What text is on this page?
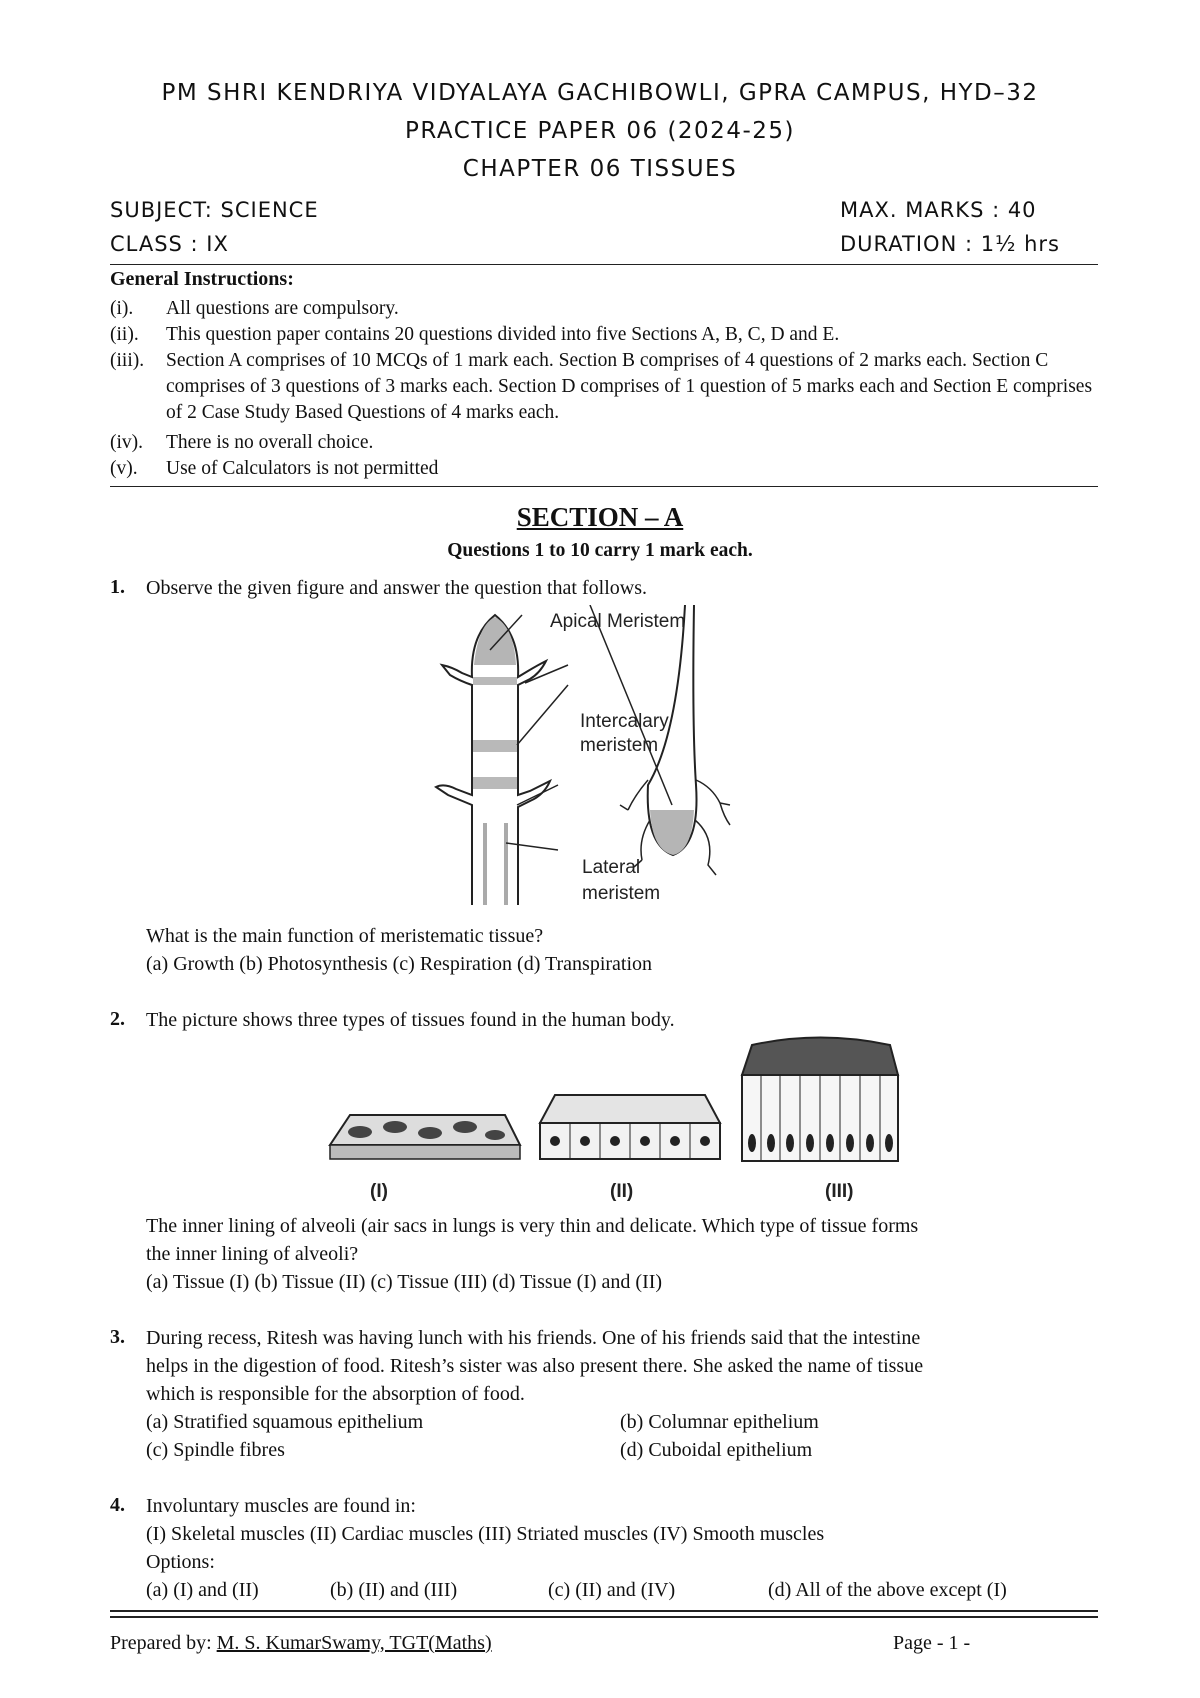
PM SHRI KENDRIYA VIDYALAYA GACHIBOWLI, GPRA CAMPUS, HYD–32
PRACTICE PAPER 06 (2024-25)
CHAPTER 06 TISSUES
SUBJECT: SCIENCE	MAX. MARKS : 40
CLASS : IX	DURATION : 1½ hrs
General Instructions:
(i). All questions are compulsory.
(ii). This question paper contains 20 questions divided into five Sections A, B, C, D and E.
(iii). Section A comprises of 10 MCQs of 1 mark each. Section B comprises of 4 questions of 2 marks each. Section C comprises of 3 questions of 3 marks each. Section D comprises of 1 question of 5 marks each and Section E comprises of 2 Case Study Based Questions of 4 marks each.
(iv). There is no overall choice.
(v). Use of Calculators is not permitted
SECTION – A
Questions 1 to 10 carry 1 mark each.
1. Observe the given figure and answer the question that follows.
Apical Meristem
Intercalary
meristem
Lateral
meristem
What is the main function of meristematic tissue?
(a) Growth (b) Photosynthesis (c) Respiration (d) Transpiration
2. The picture shows three types of tissues found in the human body.
(I)	(II)	(III)
The inner lining of alveoli (air sacs in lungs is very thin and delicate. Which type of tissue forms
the inner lining of alveoli?
(a) Tissue (I) (b) Tissue (II) (c) Tissue (III) (d) Tissue (I) and (II)
3. During recess, Ritesh was having lunch with his friends. One of his friends said that the intestine
helps in the digestion of food. Ritesh’s sister was also present there. She asked the name of tissue
which is responsible for the absorption of food.
(a) Stratified squamous epithelium	(b) Columnar epithelium
(c) Spindle fibres	(d) Cuboidal epithelium
4. Involuntary muscles are found in:
(I) Skeletal muscles (II) Cardiac muscles (III) Striated muscles (IV) Smooth muscles
Options:
(a) (I) and (II)	(b) (II) and (III)	(c) (II) and (IV)	(d) All of the above except (I)
Prepared by: M. S. KumarSwamy, TGT(Maths)	Page - 1 -
